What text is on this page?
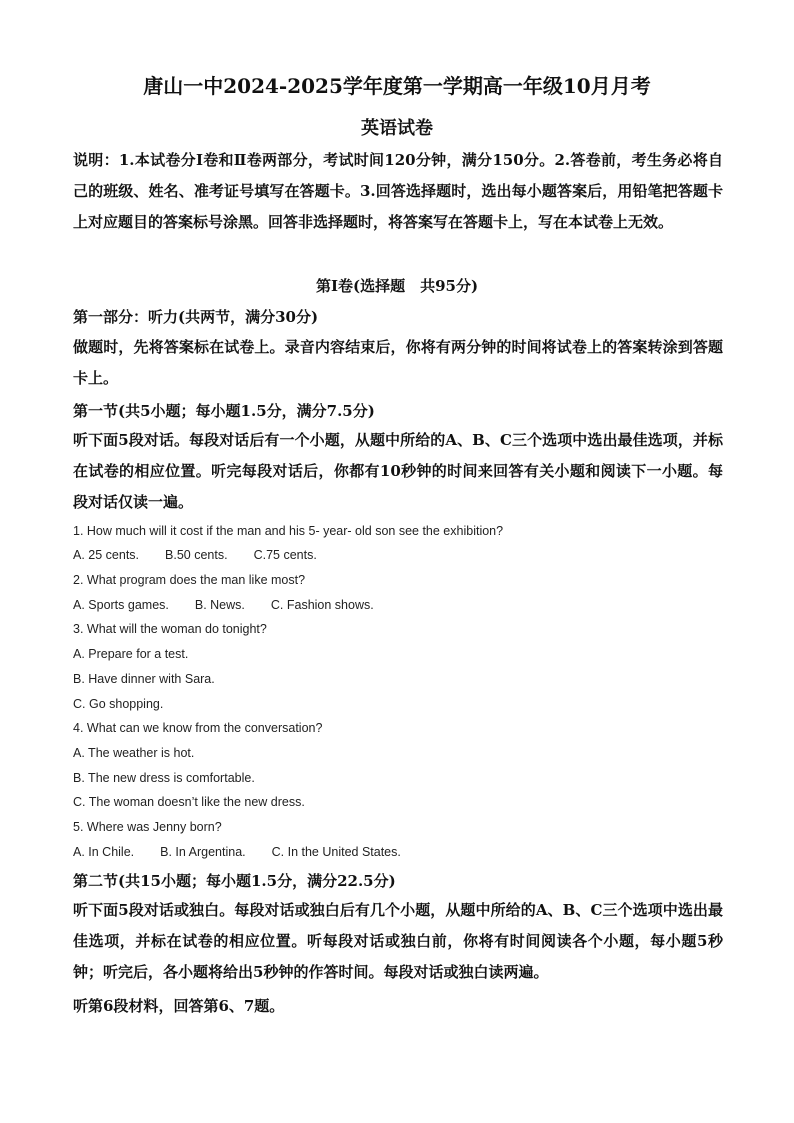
唐山一中2024-2025学年度第一学期高一年级10月月考
英语试卷
说明：1.本试卷分Ⅰ卷和Ⅱ卷两部分，考试时间120分钟，满分150分。2.答卷前，考生务必将自己的班级、姓名、准考证号填写在答题卡。3.回答选择题时，选出每小题答案后，用铅笔把答题卡上对应题目的答案标号涂黑。回答非选择题时，将答案写在答题卡上，写在本试卷上无效。
第Ⅰ卷(选择题　共95分)
第一部分：听力(共两节，满分30分)
做题时，先将答案标在试卷上。录音内容结束后，你将有两分钟的时间将试卷上的答案转涂到答题卡上。
第一节(共5小题；每小题1.5分，满分7.5分)
听下面5段对话。每段对话后有一个小题，从题中所给的A、B、C三个选项中选出最佳选项，并标在试卷的相应位置。听完每段对话后，你都有10秒钟的时间来回答有关小题和阅读下一小题。每段对话仅读一遍。
1. How much will it cost if the man and his 5- year- old son see the exhibition?
A. 25 cents. B.50 cents. C.75 cents.
2. What program does the man like most?
A. Sports games. B. News. C. Fashion shows.
3. What will the woman do tonight?
A. Prepare for a test.
B. Have dinner with Sara.
C. Go shopping.
4. What can we know from the conversation?
A. The weather is hot.
B. The new dress is comfortable.
C. The woman doesn’t like the new dress.
5. Where was Jenny born?
A. In Chile. B. In Argentina. C. In the United States.
第二节(共15小题；每小题1.5分，满分22.5分)
听下面5段对话或独白。每段对话或独白后有几个小题，从题中所给的A、B、C三个选项中选出最佳选项，并标在试卷的相应位置。听每段对话或独白前，你将有时间阅读各个小题，每小题5秒钟；听完后，各小题将给出5秒钟的作答时间。每段对话或独白读两遍。
听第6段材料，回答第6、7题。
